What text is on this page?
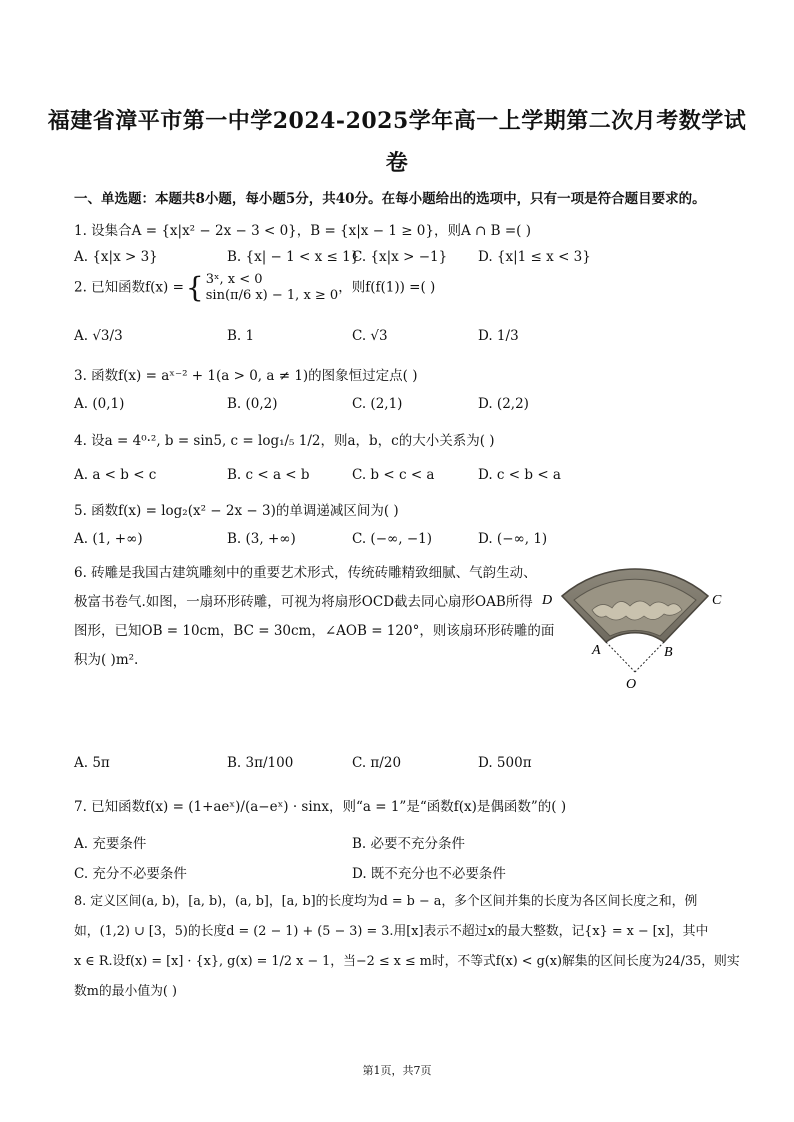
福建省漳平市第一中学2024-2025学年高一上学期第二次月考数学试
卷
一、单选题：本题共8小题，每小题5分，共40分。在每小题给出的选项中，只有一项是符合题目要求的。
1. 设集合A = {x|x² − 2x − 3 < 0}，B = {x|x − 1 ≥ 0}，则A ∩ B =( )
A. {x|x > 3}	B. {x| − 1 < x ≤ 1}
C. {x|x > −1} D. {x|1 ≤ x < 3}
2. 已知函数f(x) ={ 3ˣ, x < 0
sin(π/6 x) − 1, x ≥ 0，则f(f(1)) =( )
A. √3/3	B. 1	C. √3	D. 1/3
3. 函数f(x) = aˣ⁻² + 1(a > 0, a ≠ 1)的图象恒过定点( )
A. (0,1)	B. (0,2)	C. (2,1)	D. (2,2)
4. 设a = 4⁰·², b = sin5, c = log₁/₅ 1/2，则a，b，c的大小关系为( )
A. a < b < c	B. c < a < b	C. b < c < a	D. c < b < a
5. 函数f(x) = log₂(x² − 2x − 3)的单调递减区间为( )
A. (1, +∞)	B. (3, +∞)	C. (−∞, −1)	D. (−∞, 1)
6. 砖雕是我国古建筑雕刻中的重要艺术形式，传统砖雕精致细腻、气韵生动、
极富书卷气.如图，一扇环形砖雕，可视为将扇形OCD截去同心扇形OAB所得
图形，已知OB = 10cm，BC = 30cm，∠AOB = 120°，则该扇环形砖雕的面
积为( )m².
D	C
A	B
O
A. 5π	B. 3π/100	C. π/20	D. 500π
7. 已知函数f(x) = (1+aeˣ)/(a−eˣ) · sinx，则“a = 1”是“函数f(x)是偶函数”的( )
A. 充要条件	B. 必要不充分条件
C. 充分不必要条件	D. 既不充分也不必要条件
8. 定义区间(a, b)，[a, b)，(a, b]，[a, b]的长度均为d = b − a，多个区间并集的长度为各区间长度之和，例
如，(1,2) ∪ [3，5)的长度d = (2 − 1) + (5 − 3) = 3.用[x]表示不超过x的最大整数，记{x} = x − [x]，其中
x ∈ R.设f(x) = [x] · {x}, g(x) = 1/2 x − 1，当−2 ≤ x ≤ m时，不等式f(x) < g(x)解集的区间长度为24/35，则实
数m的最小值为( )
第1页，共7页
